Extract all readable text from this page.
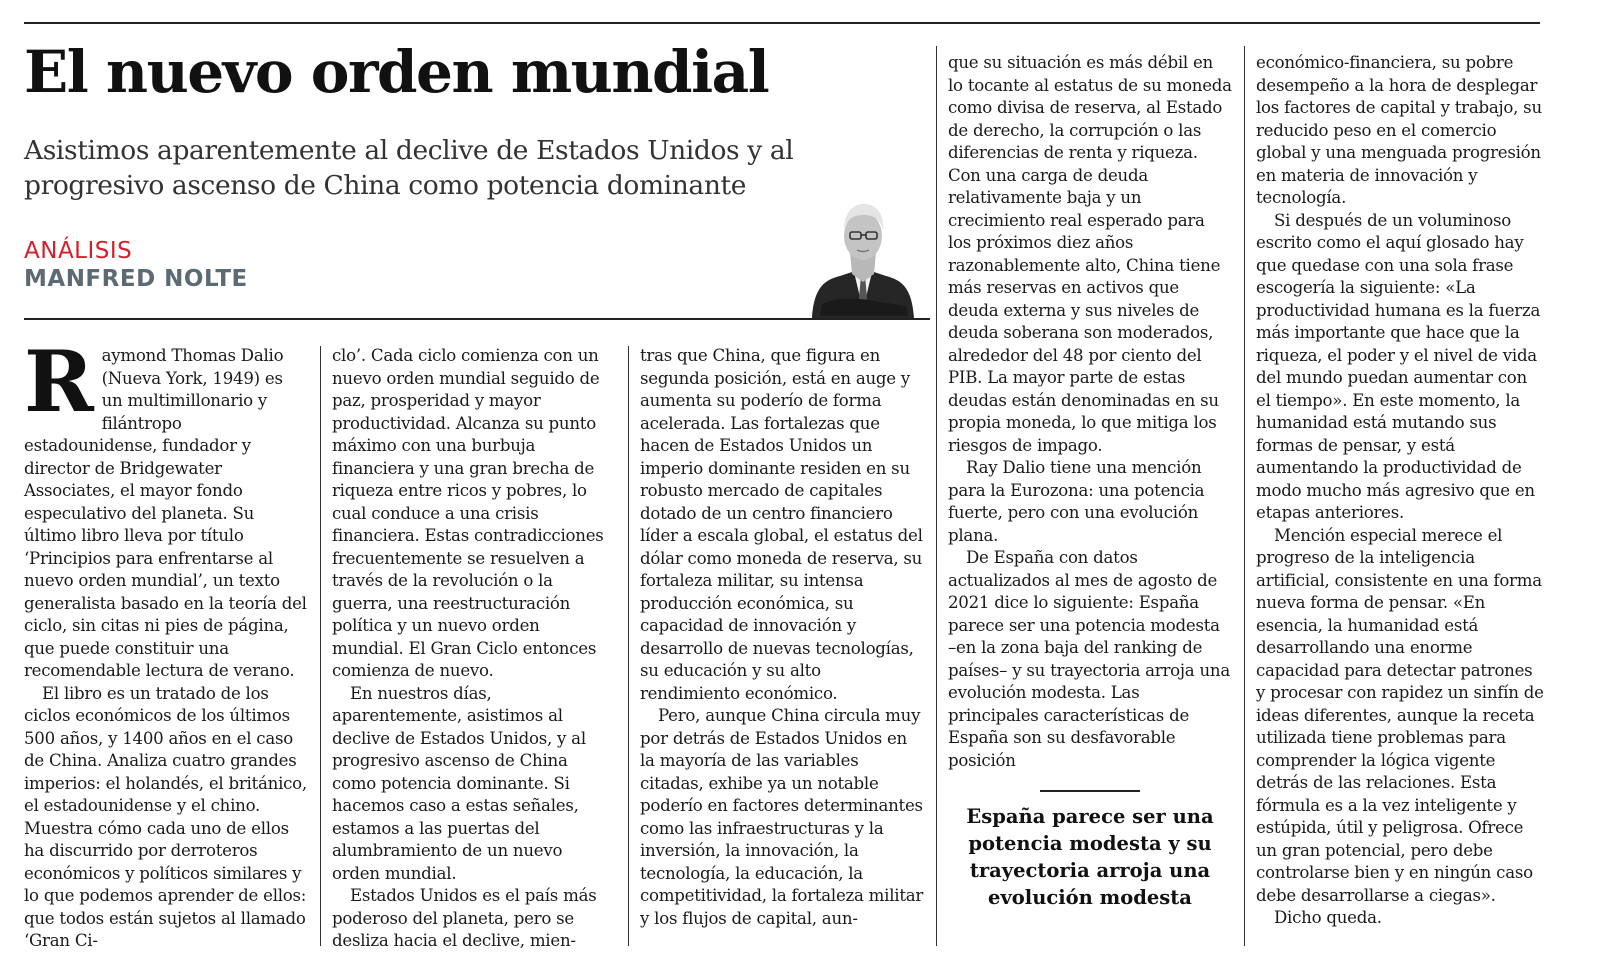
El nuevo orden mundial

Asistimos aparentemente al declive de Estados Unidos y al progresivo ascenso de China como potencia dominante

ANÁLISIS
MANFRED NOLTE

Raymond Thomas Dalio (Nueva York, 1949) es un multimillonario y filántropo estadounidense, fundador y director de Bridgewater Associates, el mayor fondo especulativo del planeta. Su último libro lleva por título ‘Principios para enfrentarse al nuevo orden mundial’, un texto generalista basado en la teoría del ciclo, sin citas ni pies de página, que puede constituir una recomendable lectura de verano.

El libro es un tratado de los ciclos económicos de los últimos 500 años, y 1400 años en el caso de China. Analiza cuatro grandes imperios: el holandés, el británico, el estadounidense y el chino. Muestra cómo cada uno de ellos ha discurrido por derroteros económicos y políticos similares y lo que podemos aprender de ellos: que todos están sujetos al llamado ‘Gran Ci-

clo’. Cada ciclo comienza con un nuevo orden mundial seguido de paz, prosperidad y mayor productividad. Alcanza su punto máximo con una burbuja financiera y una gran brecha de riqueza entre ricos y pobres, lo cual conduce a una crisis financiera. Estas contradicciones frecuentemente se resuelven a través de la revolución o la guerra, una reestructuración política y un nuevo orden mundial. El Gran Ciclo entonces comienza de nuevo.

En nuestros días, aparentemente, asistimos al declive de Estados Unidos, y al progresivo ascenso de China como potencia dominante. Si hacemos caso a estas señales, estamos a las puertas del alumbramiento de un nuevo orden mundial.

Estados Unidos es el país más poderoso del planeta, pero se desliza hacia el declive, mien-

tras que China, que figura en segunda posición, está en auge y aumenta su poderío de forma acelerada. Las fortalezas que hacen de Estados Unidos un imperio dominante residen en su robusto mercado de capitales dotado de un centro financiero líder a escala global, el estatus del dólar como moneda de reserva, su fortaleza militar, su intensa producción económica, su capacidad de innovación y desarrollo de nuevas tecnologías, su educación y su alto rendimiento económico.

Pero, aunque China circula muy por detrás de Estados Unidos en la mayoría de las variables citadas, exhibe ya un notable poderío en factores determinantes como las infraestructuras y la inversión, la innovación, la tecnología, la educación, la competitividad, la fortaleza militar y los flujos de capital, aun-

que su situación es más débil en lo tocante al estatus de su moneda como divisa de reserva, al Estado de derecho, la corrupción o las diferencias de renta y riqueza. Con una carga de deuda relativamente baja y un crecimiento real esperado para los próximos diez años razonablemente alto, China tiene más reservas en activos que deuda externa y sus niveles de deuda soberana son moderados, alrededor del 48 por ciento del PIB. La mayor parte de estas deudas están denominadas en su propia moneda, lo que mitiga los riesgos de impago.

Ray Dalio tiene una mención para la Eurozona: una potencia fuerte, pero con una evolución plana.

De España con datos actualizados al mes de agosto de 2021 dice lo siguiente: España parece ser una potencia modesta –en la zona baja del ranking de países– y su trayectoria arroja una evolución modesta. Las principales características de España son su desfavorable posición

España parece ser una potencia modesta y su trayectoria arroja una evolución modesta

económico-financiera, su pobre desempeño a la hora de desplegar los factores de capital y trabajo, su reducido peso en el comercio global y una menguada progresión en materia de innovación y tecnología.

Si después de un voluminoso escrito como el aquí glosado hay que quedase con una sola frase escogería la siguiente: «La productividad humana es la fuerza más importante que hace que la riqueza, el poder y el nivel de vida del mundo puedan aumentar con el tiempo». En este momento, la humanidad está mutando sus formas de pensar, y está aumentando la productividad de modo mucho más agresivo que en etapas anteriores.

Mención especial merece el progreso de la inteligencia artificial, consistente en una forma nueva forma de pensar. «En esencia, la humanidad está desarrollando una enorme capacidad para detectar patrones y procesar con rapidez un sinfín de ideas diferentes, aunque la receta utilizada tiene problemas para comprender la lógica vigente detrás de las relaciones. Esta fórmula es a la vez inteligente y estúpida, útil y peligrosa. Ofrece un gran potencial, pero debe controlarse bien y en ningún caso debe desarrollarse a ciegas».

Dicho queda.
